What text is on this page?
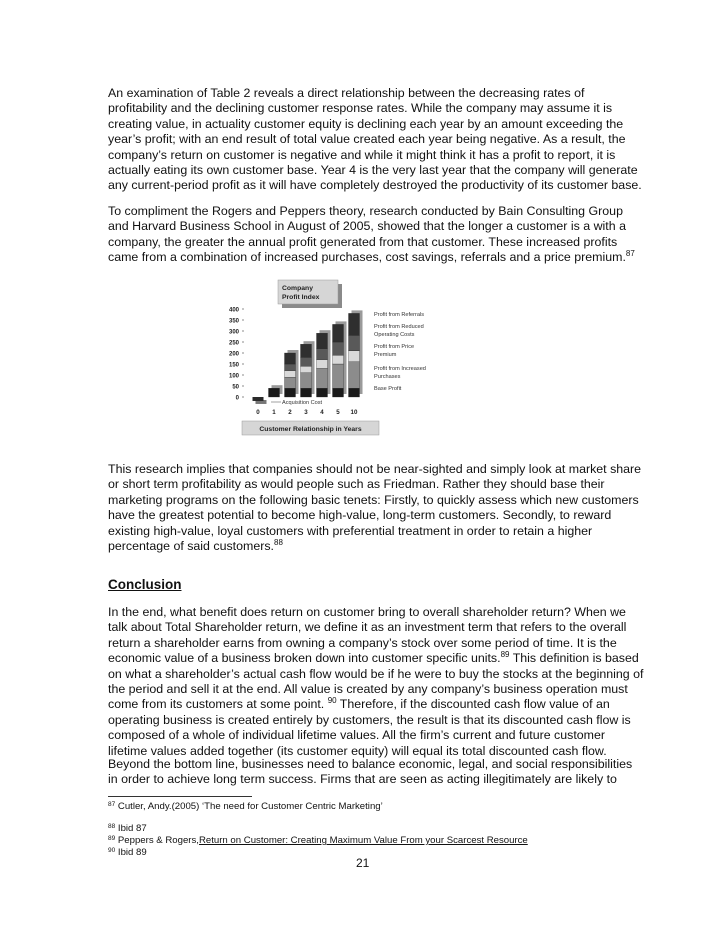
An examination of Table 2 reveals a direct relationship between the decreasing rates of
profitability and the declining customer response rates. While the company may assume it is
creating value, in actuality customer equity is declining each year by an amount exceeding the
year’s profit; with an end result of total value created each year being negative. As a result, the
company’s return on customer is negative and while it might think it has a profit to report, it is
actually eating its own customer base. Year 4 is the very last year that the company will generate
any current-period profit as it will have completely destroyed the productivity of its customer base.

To compliment the Rogers and Peppers theory, research conducted by Bain Consulting Group
and Harvard Business School in August of 2005, showed that the longer a customer is a with a
company, the greater the annual profit generated from that customer. These increased profits
came from a combination of increased purchases, cost savings, referrals and a price premium.$^{87}$

Company
Profit Index
400
350
300
250
200
150
100
50
0
0 1 2 3 4 5 10
Acquisition Cost
Profit from Referrals
Profit from Reduced
Operating Costs
Profit from Price
Premium
Profit from Increased
Purchases
Base Profit
Customer Relationship in Years

This research implies that companies should not be near-sighted and simply look at market share
or short term profitability as would people such as Friedman. Rather they should base their
marketing programs on the following basic tenets: Firstly, to quickly assess which new customers
have the greatest potential to become high-value, long-term customers. Secondly, to reward
existing high-value, loyal customers with preferential treatment in order to retain a higher
percentage of said customers.$^{88}$

Conclusion

In the end, what benefit does return on customer bring to overall shareholder return? When we
talk about Total Shareholder return, we define it as an investment term that refers to the overall
return a shareholder earns from owning a company’s stock over some period of time. It is the
economic value of a business broken down into customer specific units.$^{89}$ This definition is based
on what a shareholder’s actual cash flow would be if he were to buy the stocks at the beginning of
the period and sell it at the end. All value is created by any company’s business operation must
come from its customers at some point. $^{90}$ Therefore, if the discounted cash flow value of an
operating business is created entirely by customers, the result is that its discounted cash flow is
composed of a whole of individual lifetime values. All the firm’s current and future customer
lifetime values added together (its customer equity) will equal its total discounted cash flow.

Beyond the bottom line, businesses need to balance economic, legal, and social responsibilities
in order to achieve long term success. Firms that are seen as acting illegitimately are likely to

$^{87}$ Cutler, Andy.(2005) ‘The need for Customer Centric Marketing’
$^{88}$ Ibid 87
$^{89}$ Peppers & Rogers,Return on Customer: Creating Maximum Value From your Scarcest Resource
$^{90}$ Ibid 89
21
